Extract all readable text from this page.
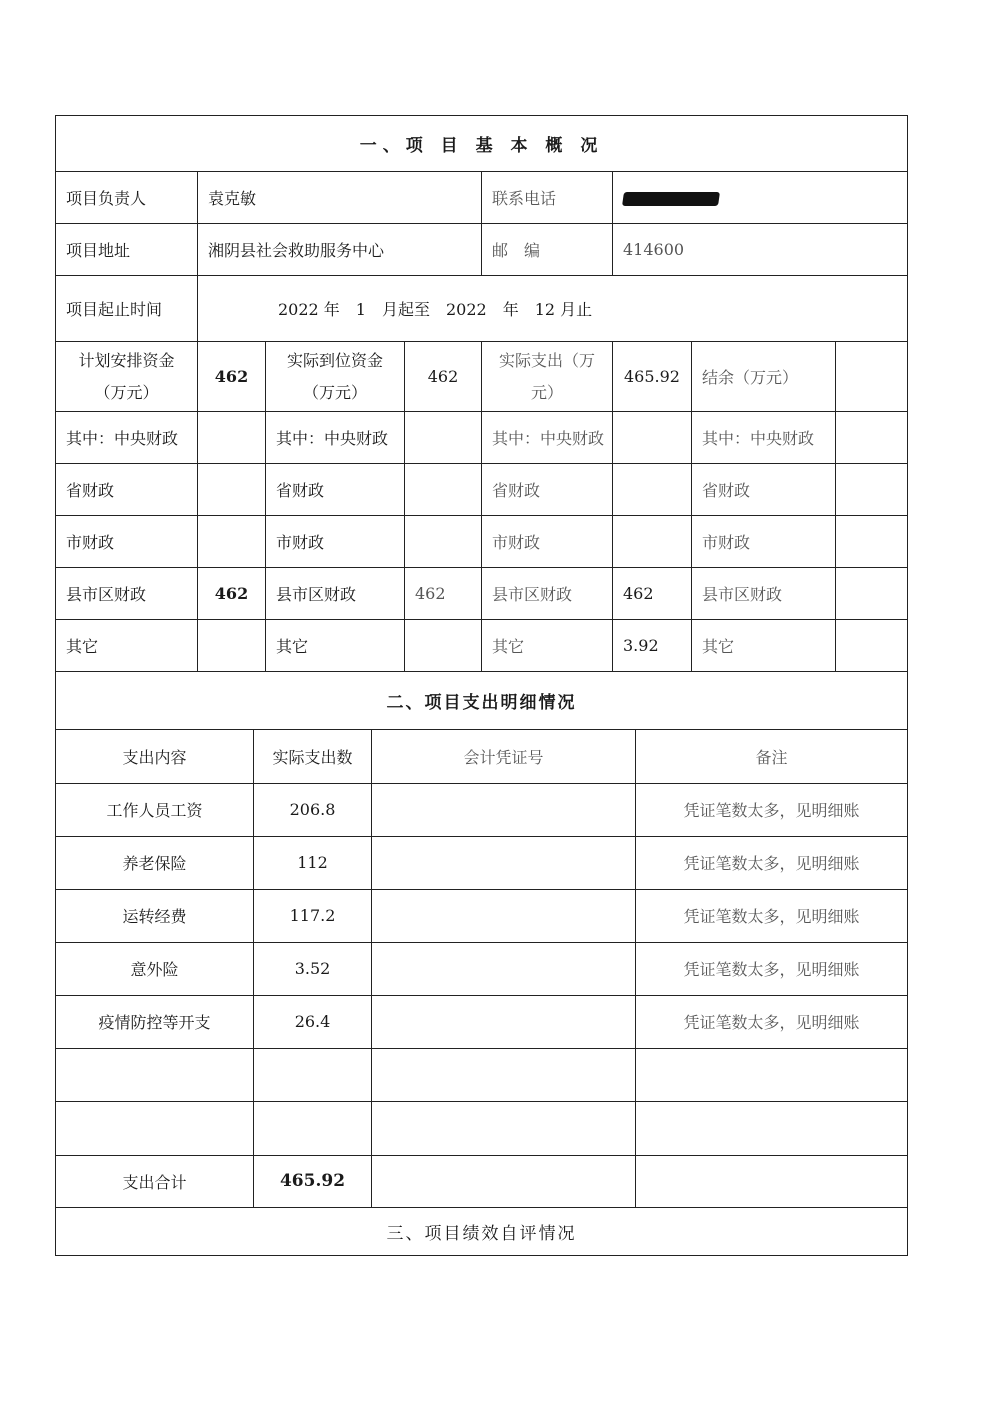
一、项 目 基 本 概 况							
项目负责人	袁克敏			联系电话			
项目地址	湘阴县社会救助服务中心			邮　编	414600		
项目起止时间	2022 年　1　月起至　2022　年　12 月止						
计划安排资金（万元）	462	实际到位资金（万元）	462	实际支出（万元）	465.92	结余（万元）	
其中：中央财政		其中：中央财政		其中：中央财政		其中：中央财政	
省财政		省财政		省财政		省财政	
市财政		市财政		市财政		市财政	
县市区财政	462	县市区财政	462	县市区财政	462	县市区财政	
其它		其它		其它	3.92	其它	
二、项目支出明细情况			
支出内容	实际支出数	会计凭证号	备注
工作人员工资	206.8		凭证笔数太多，见明细账
养老保险	112		凭证笔数太多，见明细账
运转经费	117.2		凭证笔数太多，见明细账
意外险	3.52		凭证笔数太多，见明细账
疫情防控等开支	26.4		凭证笔数太多，见明细账

支出合计	465.92		
三、项目绩效自评情况			
